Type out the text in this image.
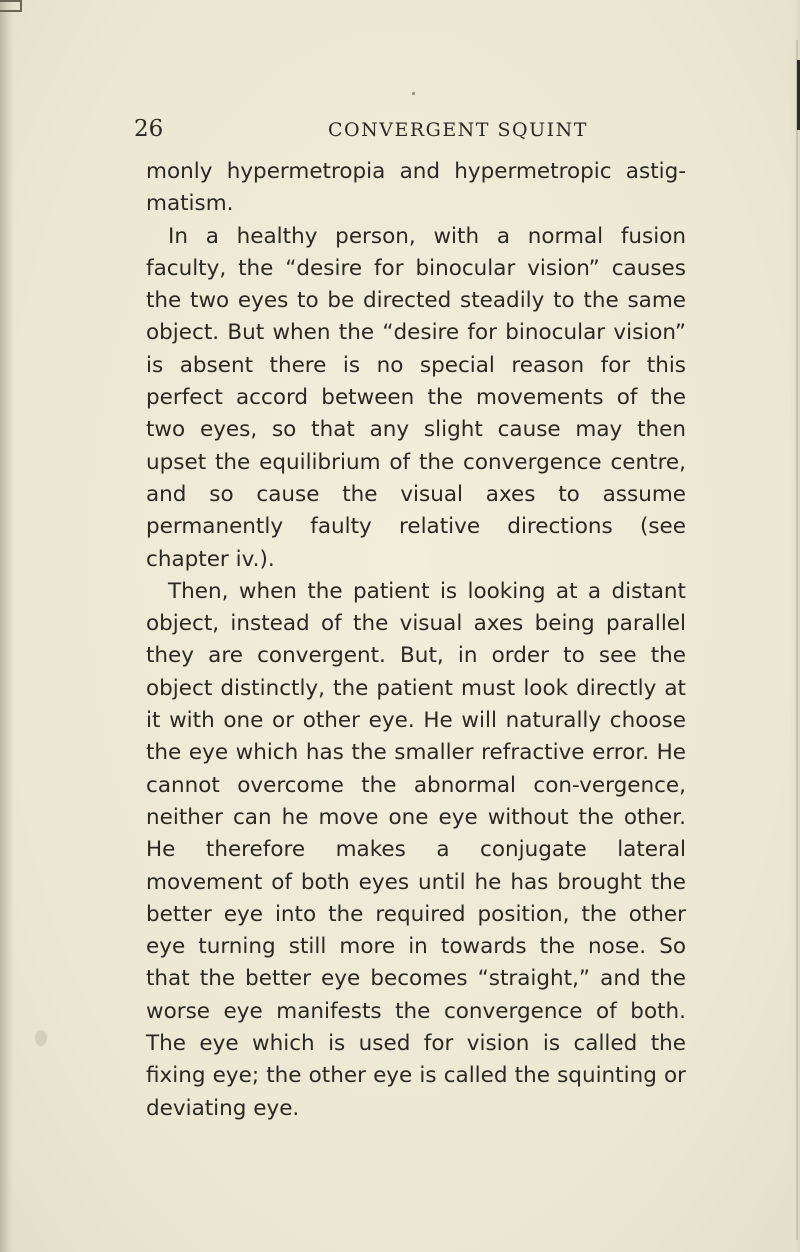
26	CONVERGENT SQUINT

monly hypermetropia and hypermetropic astig-matism.

In a healthy person, with a normal fusion faculty, the “desire for binocular vision” causes the two eyes to be directed steadily to the same object. But when the “desire for binocular vision” is absent there is no special reason for this perfect accord between the movements of the two eyes, so that any slight cause may then upset the equilibrium of the convergence centre, and so cause the visual axes to assume permanently faulty relative directions (see chapter iv.).

Then, when the patient is looking at a distant object, instead of the visual axes being parallel they are convergent. But, in order to see the object distinctly, the patient must look directly at it with one or other eye. He will naturally choose the eye which has the smaller refractive error. He cannot overcome the abnormal con-vergence, neither can he move one eye without the other. He therefore makes a conjugate lateral movement of both eyes until he has brought the better eye into the required position, the other eye turning still more in towards the nose. So that the better eye becomes “straight,” and the worse eye manifests the convergence of both. The eye which is used for vision is called the fixing eye; the other eye is called the squinting or deviating eye.
